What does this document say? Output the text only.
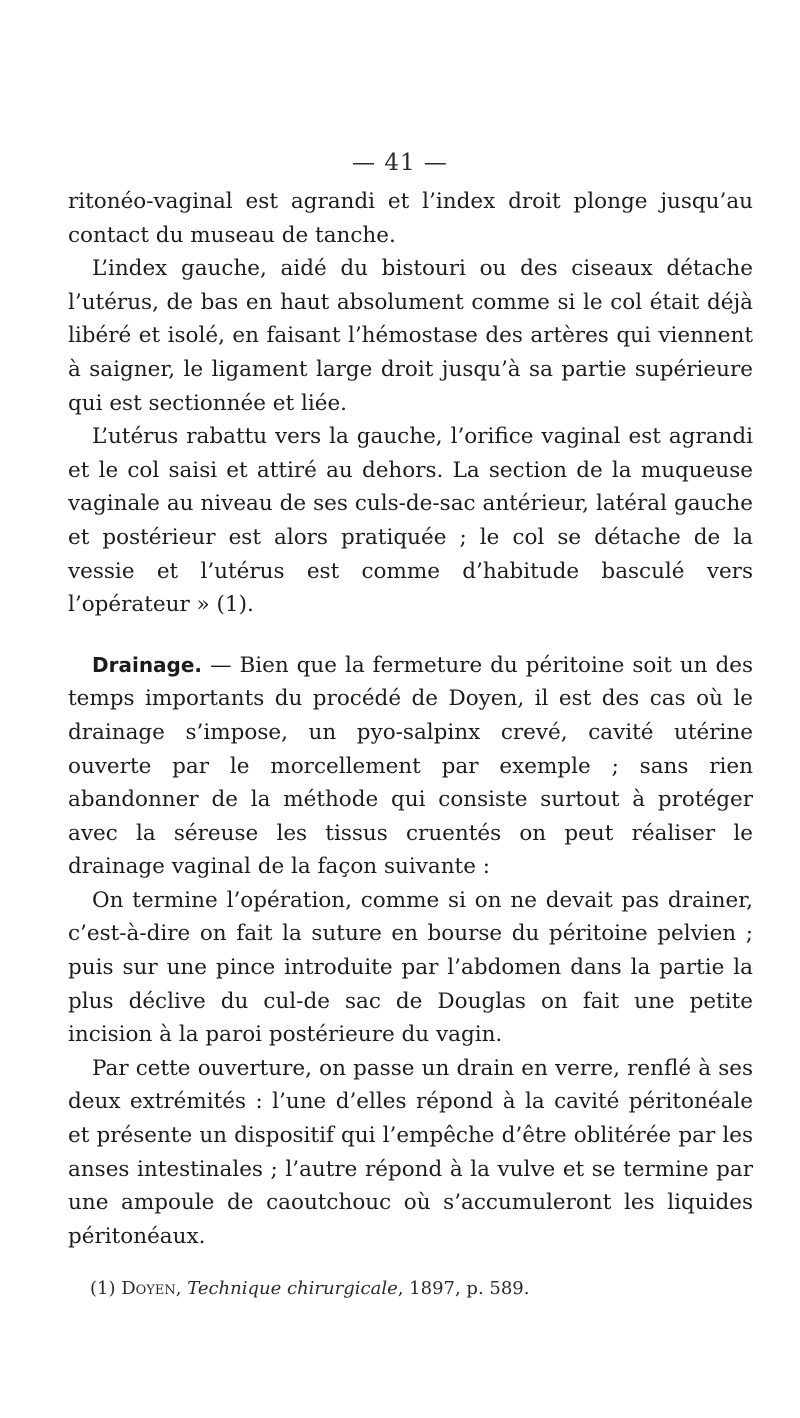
— 41 —

ritonéo-vaginal est agrandi et l’index droit plonge jusqu’au contact du museau de tanche.

L’index gauche, aidé du bistouri ou des ciseaux détache l’utérus, de bas en haut absolument comme si le col était déjà libéré et isolé, en faisant l’hémostase des artères qui viennent à saigner, le ligament large droit jusqu’à sa partie supérieure qui est sectionnée et liée.

L’utérus rabattu vers la gauche, l’orifice vaginal est agrandi et le col saisi et attiré au dehors. La section de la muqueuse vaginale au niveau de ses culs-de-sac antérieur, latéral gauche et postérieur est alors pratiquée ; le col se détache de la vessie et l’utérus est comme d’habitude basculé vers l’opérateur » (1).

Drainage. — Bien que la fermeture du péritoine soit un des temps importants du procédé de Doyen, il est des cas où le drainage s’impose, un pyo-salpinx crevé, cavité utérine ouverte par le morcellement par exemple ; sans rien abandonner de la méthode qui consiste surtout à protéger avec la séreuse les tissus cruentés on peut réaliser le drainage vaginal de la façon suivante :

On termine l’opération, comme si on ne devait pas drainer, c’est-à-dire on fait la suture en bourse du péritoine pelvien ; puis sur une pince introduite par l’abdomen dans la partie la plus déclive du cul-de sac de Douglas on fait une petite incision à la paroi postérieure du vagin.

Par cette ouverture, on passe un drain en verre, renflé à ses deux extrémités : l’une d’elles répond à la cavité péritonéale et présente un dispositif qui l’empêche d’être oblitérée par les anses intestinales ; l’autre répond à la vulve et se termine par une ampoule de caoutchouc où s’accumuleront les liquides péritonéaux.

(1) Doyen, Technique chirurgicale, 1897, p. 589.
